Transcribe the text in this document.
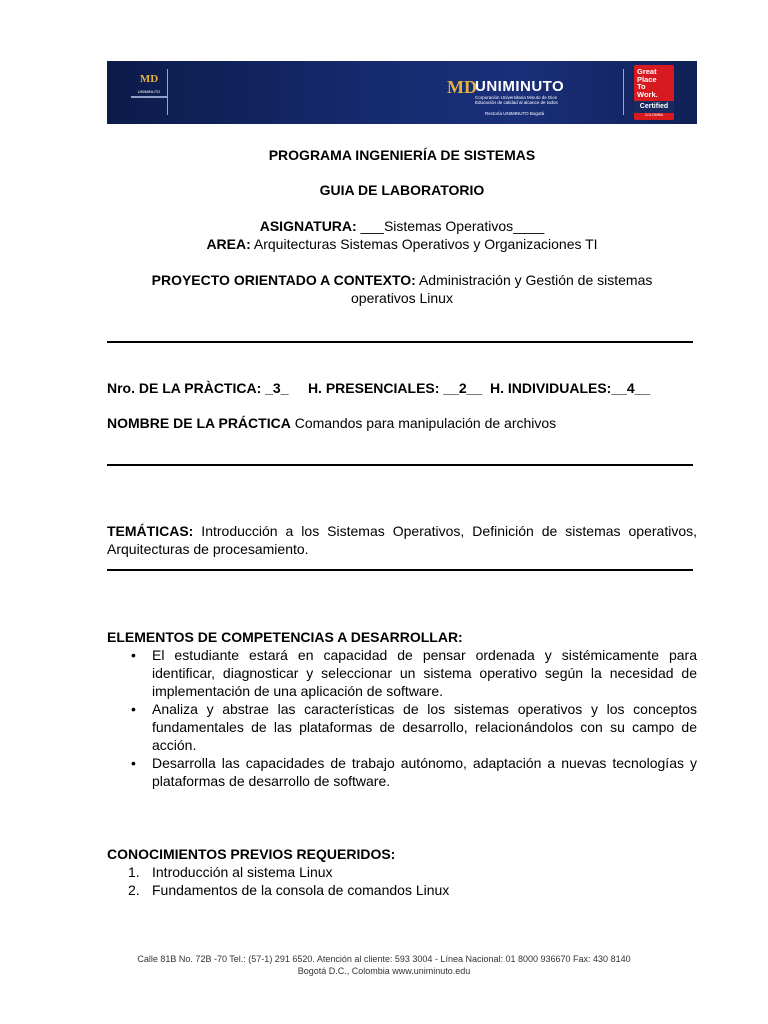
MD
UNIMINUTO	MD
UNIMINUTO
Corporación Universitaria Minuto de Dios
Educación de calidad al alcance de todos
Rectoría UNIMINUTO Bogotá
Great
Place
To
Work.
Certified
COLOMBIA
PROGRAMA INGENIERÍA DE SISTEMAS
GUIA DE LABORATORIO
ASIGNATURA: ___Sistemas Operativos____
AREA: Arquitecturas Sistemas Operativos y Organizaciones TI
PROYECTO ORIENTADO A CONTEXTO: Administración y Gestión de sistemas
operativos Linux
Nro. DE LA PRÀCTICA: _3_     H. PRESENCIALES: __2__  H. INDIVIDUALES:__4__
NOMBRE DE LA PRÁCTICA Comandos para manipulación de archivos
TEMÁTICAS: Introducción a los Sistemas Operativos, Definición de sistemas operativos, Arquitecturas de procesamiento.
ELEMENTOS DE COMPETENCIAS A DESARROLLAR:
• El estudiante estará en capacidad de pensar ordenada y sistémicamente para identificar, diagnosticar y seleccionar un sistema operativo según la necesidad de implementación de una aplicación de software.
• Analiza y abstrae las características de los sistemas operativos y los conceptos fundamentales de las plataformas de desarrollo, relacionándolos con su campo de acción.
• Desarrolla las capacidades de trabajo autónomo, adaptación a nuevas tecnologías y plataformas de desarrollo de software.
CONOCIMIENTOS PREVIOS REQUERIDOS:
1. Introducción al sistema Linux
2. Fundamentos de la consola de comandos Linux
Calle 81B No. 72B -70 Tel.: (57-1) 291 6520. Atención al cliente: 593 3004 - Línea Nacional: 01 8000 936670 Fax: 430 8140
Bogotá D.C., Colombia www.uniminuto.edu
